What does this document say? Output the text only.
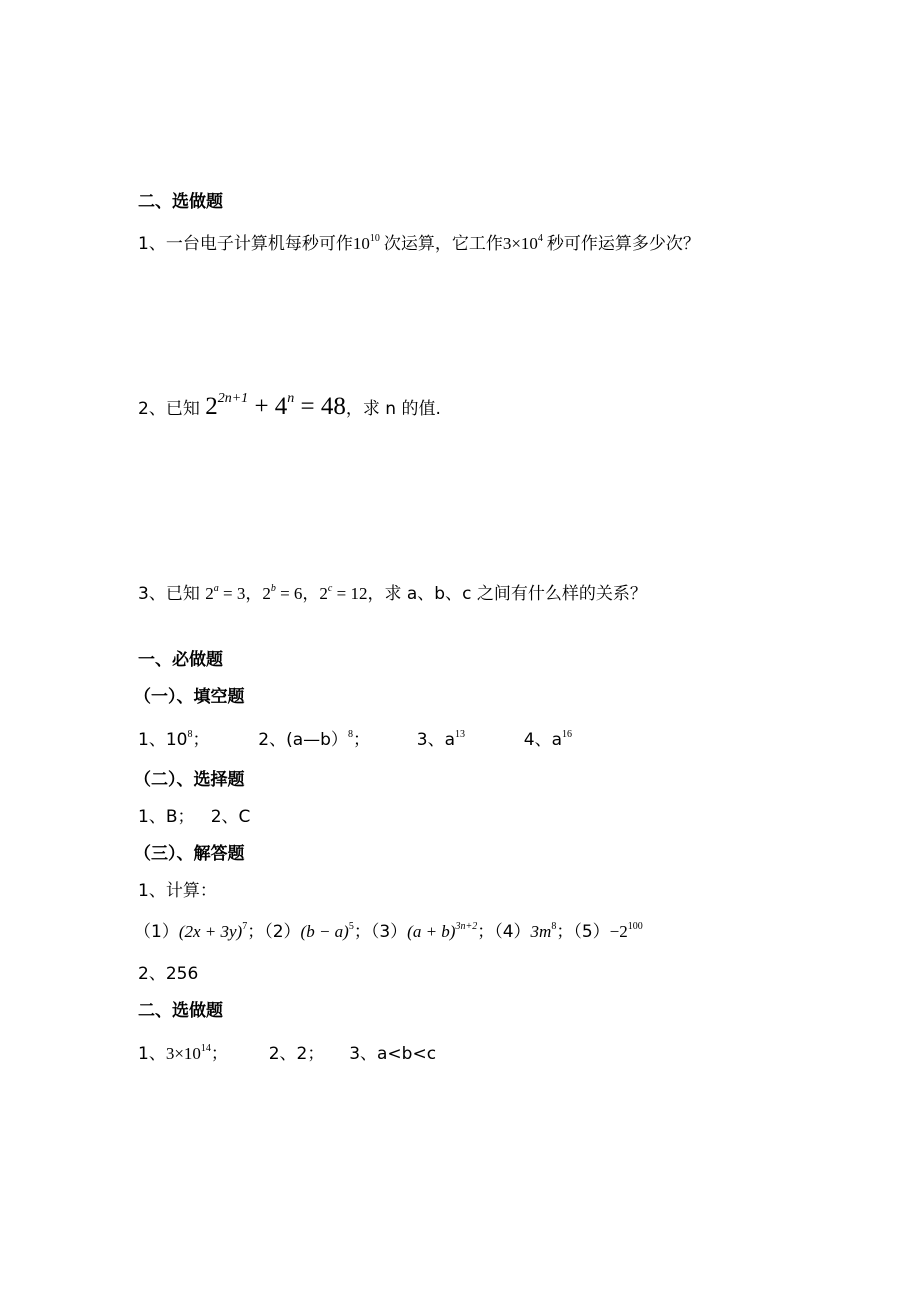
二、选做题
1、一台电子计算机每秒可作$10^{10}$ 次运算，它工作$3\times 10^4$ 秒可作运算多少次？
2、已知 $2^{2n+1} + 4^n = 48$，求 n 的值.
3、已知 $2^a = 3$，$2^b = 6$，$2^c = 12$，求 a、b、c 之间有什么样的关系？
一、必做题
（一）、填空题
1、$10^8$；	2、(a—b）$^8$；	3、$a^{13}$	4、$a^{16}$
（二）、选择题
1、B；   2、C
（三）、解答题
1、计算：
$(1)(2x + 3y)^7$；$(2)(b - a)^5$；$(3)(a + b)^{3n+2}$；$(4)3m^8$；$(5)-2^{100}$
2、256
二、选做题
1、$3\times 10^{14}$； 2、2； 3、a<b<c
